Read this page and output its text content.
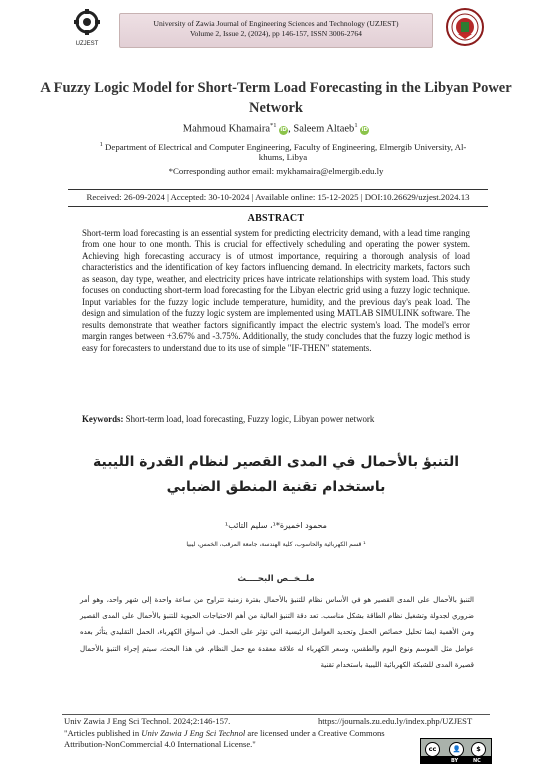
UZJEST
University of Zawia Journal of Engineering Sciences and Technology (UZJEST)
Volume 2, Issue 2, (2024), pp 146-157, ISSN 3006-2764
A Fuzzy Logic Model for Short-Term Load Forecasting in the Libyan Power Network
Mahmoud Khamaira$^{*1}$ iD, Saleem Altaeb$^1$ iD
$^1$ Department of Electrical and Computer Engineering, Faculty of Engineering, Elmergib University, Al-khums, Libya
*Corresponding author email: mykhamaira@elmergib.edu.ly
Received: 26-09-2024 | Accepted: 30-10-2024 | Available online: 15-12-2025 | DOI:10.26629/uzjest.2024.13
ABSTRACT
Short-term load forecasting is an essential system for predicting electricity demand, with a lead time ranging from one hour to one month. This is crucial for effectively scheduling and operating the power system. Achieving high forecasting accuracy is of utmost importance, requiring a thorough analysis of load characteristics and the identification of key factors influencing demand. In electricity markets, factors such as season, day type, weather, and electricity prices have intricate relationships with system load. This study focuses on conducting short-term load forecasting for the Libyan electric grid using a fuzzy logic technique. Input variables for the fuzzy logic include temperature, humidity, and the previous day's peak load. The design and simulation of the fuzzy logic system are implemented using MATLAB SIMULINK software. The results demonstrate that weather factors significantly impact the electric system's load. The model's error margin ranges between +3.67% and -3.75%. Additionally, the study concludes that the fuzzy logic method is easy for forecasters to understand due to its use of simple "IF-THEN" statements.
Keywords: Short-term load, load forecasting, Fuzzy logic, Libyan power network
التنبؤ بالأحمال في المدى القصير لنظام القدرة الليبية باستخدام تقنية المنطق الضبابي
محمود اخميرة*¹، سليم التائب¹
¹ قسم الكهربائية والحاسوب، كلية الهندسة، جامعة المرقب، الخمس، ليبيا
ملــخــص البحــــث
التنبؤ بالأحمال على المدى القصير هو في الأساس نظام للتنبؤ بالأحمال بفترة زمنية تتراوح من ساعة واحدة إلى شهر واحد، وهو أمر ضروري لجدولة وتشغيل نظام الطاقة بشكل مناسب. تعد دقة التنبؤ العالية من أهم الاحتياجات الحيوية للتنبؤ بالأحمال على المدى القصير ومن الأهمية ايضا تحليل خصائص الحمل وتحديد العوامل الرئيسية التي تؤثر على الحمل. في أسواق الكهرباء، الحمل التقليدي يتأثر بعده عوامل مثل الموسم ونوع اليوم والطقس، وسعر الكهرباء له علاقة معقدة مع حمل النظام. في هذا البحث، سيتم إجراء التنبؤ بالأحمال قصيرة المدى للشبكة الكهربائية الليبية باستخدام تقنية
Univ Zawia J Eng Sci Technol. 2024;2:146-157.	https://journals.zu.edu.ly/index.php/UZJEST
"Articles published in Univ Zawia J Eng Sci Technol are licensed under a Creative Commons Attribution-NonCommercial 4.0 International License."
cc	👤	$
BY	NC
